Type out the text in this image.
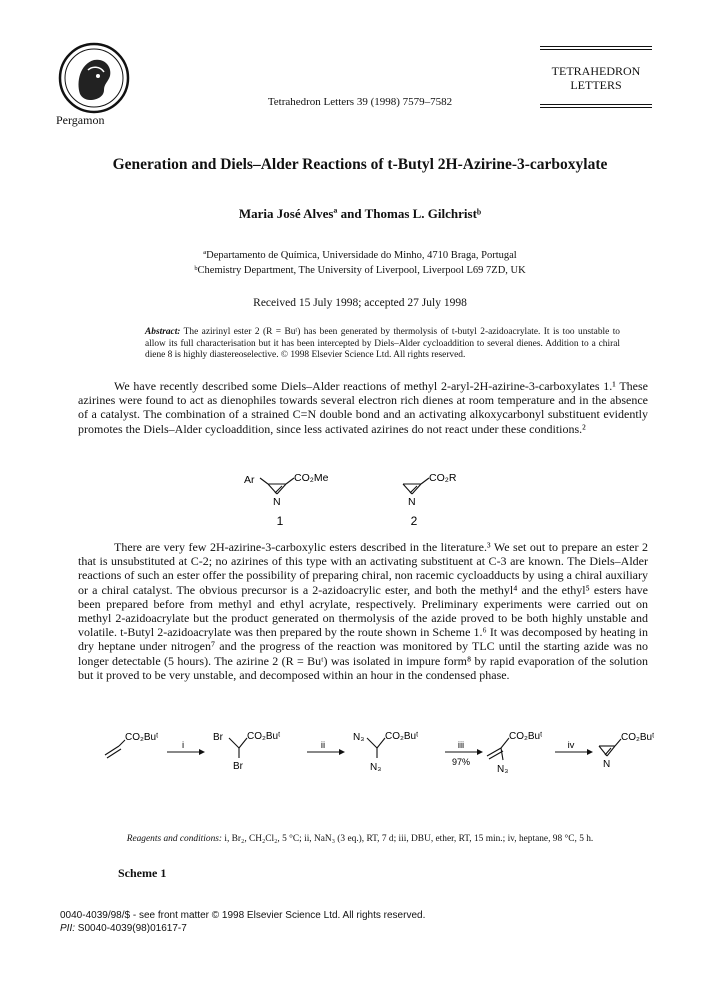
Pergamon
Tetrahedron Letters 39 (1998) 7579–7582
TETRAHEDRON
LETTERS
Generation and Diels–Alder Reactions of t-Butyl 2H-Azirine-3-carboxylate
Maria José Alvesª and Thomas L. Gilchristᵇ
ªDepartamento de Química, Universidade do Minho, 4710 Braga, Portugal
ᵇChemistry Department, The University of Liverpool, Liverpool L69 7ZD, UK
Received 15 July 1998; accepted 27 July 1998
Abstract: The azirinyl ester 2 (R = Buᵗ) has been generated by thermolysis of t-butyl 2-azidoacrylate. It is too unstable to allow its full characterisation but it has been intercepted by Diels–Alder cycloaddition to several dienes. Addition to a chiral diene 8 is highly diastereoselective. © 1998 Elsevier Science Ltd. All rights reserved.
We have recently described some Diels–Alder reactions of methyl 2-aryl-2H-azirine-3-carboxylates 1.¹ These azirines were found to act as dienophiles towards several electron rich dienes at room temperature and in the absence of a catalyst. The combination of a strained C=N double bond and an activating alkoxycarbonyl substituent evidently promotes the Diels–Alder cycloaddition, since less activated azirines do not react under these conditions.²
Ar	CO₂Me
N
1
CO₂R
N
2
There are very few 2H-azirine-3-carboxylic esters described in the literature.³ We set out to prepare an ester 2 that is unsubstituted at C-2; no azirines of this type with an activating substituent at C-3 are known. The Diels–Alder reactions of such an ester offer the possibility of preparing chiral, non racemic cycloadducts by using a chiral auxiliary or a chiral catalyst. The obvious precursor is a 2-azidoacrylic ester, and both the methyl⁴ and the ethyl⁵ esters have been prepared before from methyl and ethyl acrylate, respectively. Preliminary experiments were carried out on methyl 2-azidoacrylate but the product generated on thermolysis of the azide proved to be both highly unstable and volatile. t-Butyl 2-azidoacrylate was then prepared by the route shown in Scheme 1.⁶ It was decomposed by heating in dry heptane under nitrogen⁷ and the progress of the reaction was monitored by TLC until the starting azide was no longer detectable (5 hours). The azirine 2 (R = Buᵗ) was isolated in impure form⁸ by rapid evaporation of the solution but it proved to be very unstable, and decomposed within an hour in the condensed phase.
CO₂Buᵗ
i
Br CO₂Buᵗ
Br
ii
N₃ CO₂Buᵗ
N₃
iii
97%
CO₂Buᵗ
N₃
iv
CO₂Buᵗ
N
Reagents and conditions: i, Br₂, CH₂Cl₂, 5 °C; ii, NaN₃ (3 eq.), RT, 7 d; iii, DBU, ether, RT, 15 min.; iv, heptane, 98 °C, 5 h.
Scheme 1
0040-4039/98/$ - see front matter © 1998 Elsevier Science Ltd. All rights reserved.
PII: S0040-4039(98)01617-7
